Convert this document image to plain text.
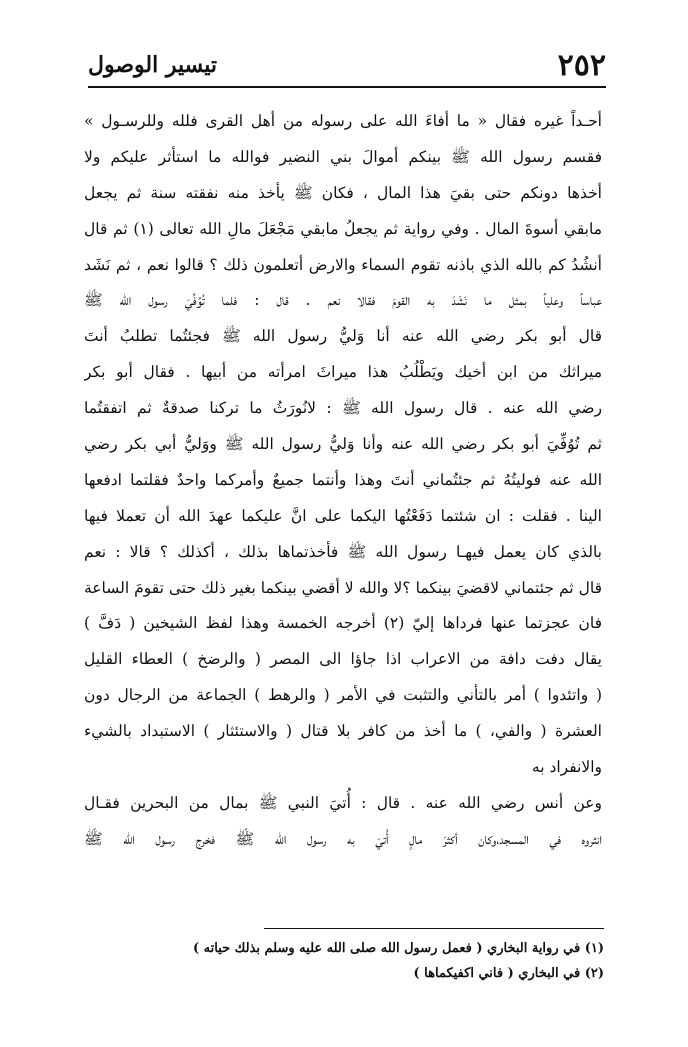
٢٥٢
تيسير الوصول
أحـداً غيره فقال « ما أفاءَ الله على رسوله من أهل القرى فلله وللرسـول »
فقسم رسول الله ﷺ بينكم أموالَ بني النضير فوالله ما استأثر عليكم ولا
أخذها دونكم حتى بقيَ هذا المال ، فكان ﷺ يأخذ منه نفقته سنة ثم يجعل
مابقي أسوةَ المال . وفي رواية ثم يجعلُ مابقي مَجْعَلَ مالِ الله تعالى (١) ثم قال
أنشُدُ كم بالله الذي باذنه تقوم السماء والارض أتعلمون ذلك ؟ قالوا نعم ، ثم نَشَد
عباساً وعلياً بمثل ما نَشَدَ به القومَ فقالا نعم . قال : فلما تُوُفِّيَ رسول الله ﷺ
قال أبو بكر رضي الله عنه أنا وَليُّ رسول الله ﷺ فجئتُما تطلبُ أنتَ
ميراثك من ابن أخيك ويَطْلُبُ هذا ميراثَ امرأته من أبيها . فقال أبو بكر
رضي الله عنه . قال رسول الله ﷺ : لانُورَثُ ما تركنا صدقةٌ ثم اتفقتُما
ثم تُوُفِّيَ أبو بكر رضي الله عنه وأنا وَليُّ رسول الله ﷺ ووَليُّ أبي بكر رضي
الله عنه فوليتُهُ ثم جئتُماني أنتَ وهذا وأنتما جميعٌ وأمركما واحدٌ فقلتما ادفعها
الينا . فقلت : ان شئتما دَفَعْتُها اليكما على انَّ عليكما عهدَ الله أن تعملا فيها
بالذي كان يعمل فيهـا رسول الله ﷺ فأخذتماها بذلك ، أكذلك ؟ قالا : نعم
قال ثم جئتماني لاقضيَ بينكما ؟لا والله لا أقضي بينكما بغير ذلك حتى تقومَ الساعة
فان عجزتما عنها فرداها إليّ (٢) أخرجه الخمسة وهذا لفظ الشيخين ( دَفَّ )
يقال دفت دافة من الاعراب اذا جاؤا الى المصر ( والرضخ ) العطاء القليل
( واتئدوا ) أمر بالتأني والتثبت في الأمر ( والرهط ) الجماعة من الرجال دون
العشرة ( والفي، ) ما أخذ من كافر بلا قتال ( والاستئثار ) الاستبداد بالشيء
والانفراد به
وعن أنس رضي الله عنه . قال : أُتيَ النبي ﷺ بمال من البحرين فقـال
انثروه في المسجد،وكان أكثرَ مالٍ أُتيَ به رسول الله ﷺ فخرج رسول الله ﷺ
(١) في رواية البخاري ( فعمل رسول الله صلى الله عليه وسلم بذلك حياته )
(٢) في البخاري ( فاني اكفيكماها )
